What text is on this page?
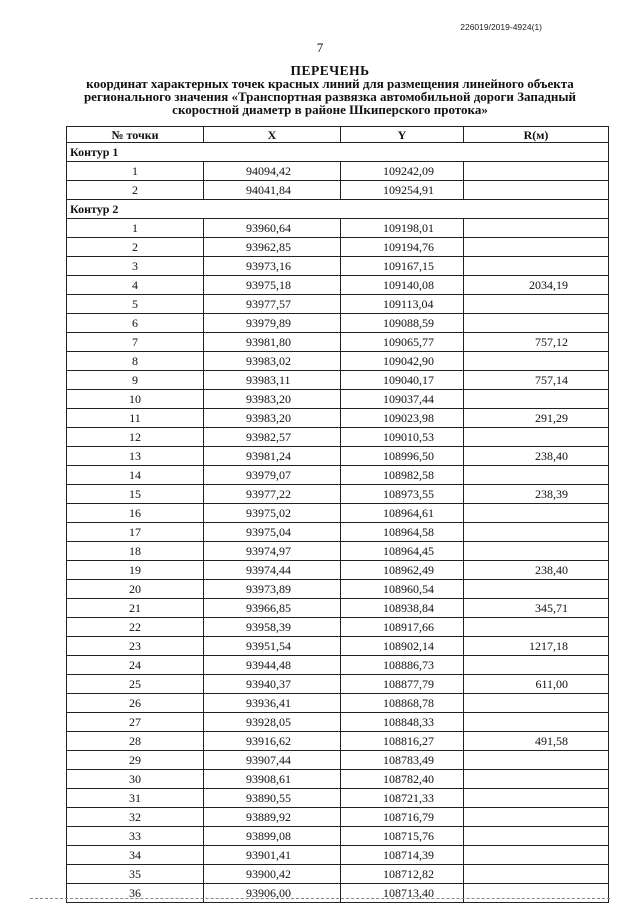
226019/2019-4924(1)
7
ПЕРЕЧЕНЬ
координат характерных точек красных линий для размещения линейного объекта
регионального значения «Транспортная развязка автомобильной дороги Западный
скоростной диаметр в районе Шкиперского протока»
№ точки	X	Y	R(м)
Контур 1			
1	94094,42	109242,09	
2	94041,84	109254,91	
Контур 2			
1	93960,64	109198,01	
2	93962,85	109194,76	
3	93973,16	109167,15	
4	93975,18	109140,08	2034,19
5	93977,57	109113,04	
6	93979,89	109088,59	
7	93981,80	109065,77	757,12
8	93983,02	109042,90	
9	93983,11	109040,17	757,14
10	93983,20	109037,44	
11	93983,20	109023,98	291,29
12	93982,57	109010,53	
13	93981,24	108996,50	238,40
14	93979,07	108982,58	
15	93977,22	108973,55	238,39
16	93975,02	108964,61	
17	93975,04	108964,58	
18	93974,97	108964,45	
19	93974,44	108962,49	238,40
20	93973,89	108960,54	
21	93966,85	108938,84	345,71
22	93958,39	108917,66	
23	93951,54	108902,14	1217,18
24	93944,48	108886,73	
25	93940,37	108877,79	611,00
26	93936,41	108868,78	
27	93928,05	108848,33	
28	93916,62	108816,27	491,58
29	93907,44	108783,49	
30	93908,61	108782,40	
31	93890,55	108721,33	
32	93889,92	108716,79	
33	93899,08	108715,76	
34	93901,41	108714,39	
35	93900,42	108712,82	
36	93906,00	108713,40	
